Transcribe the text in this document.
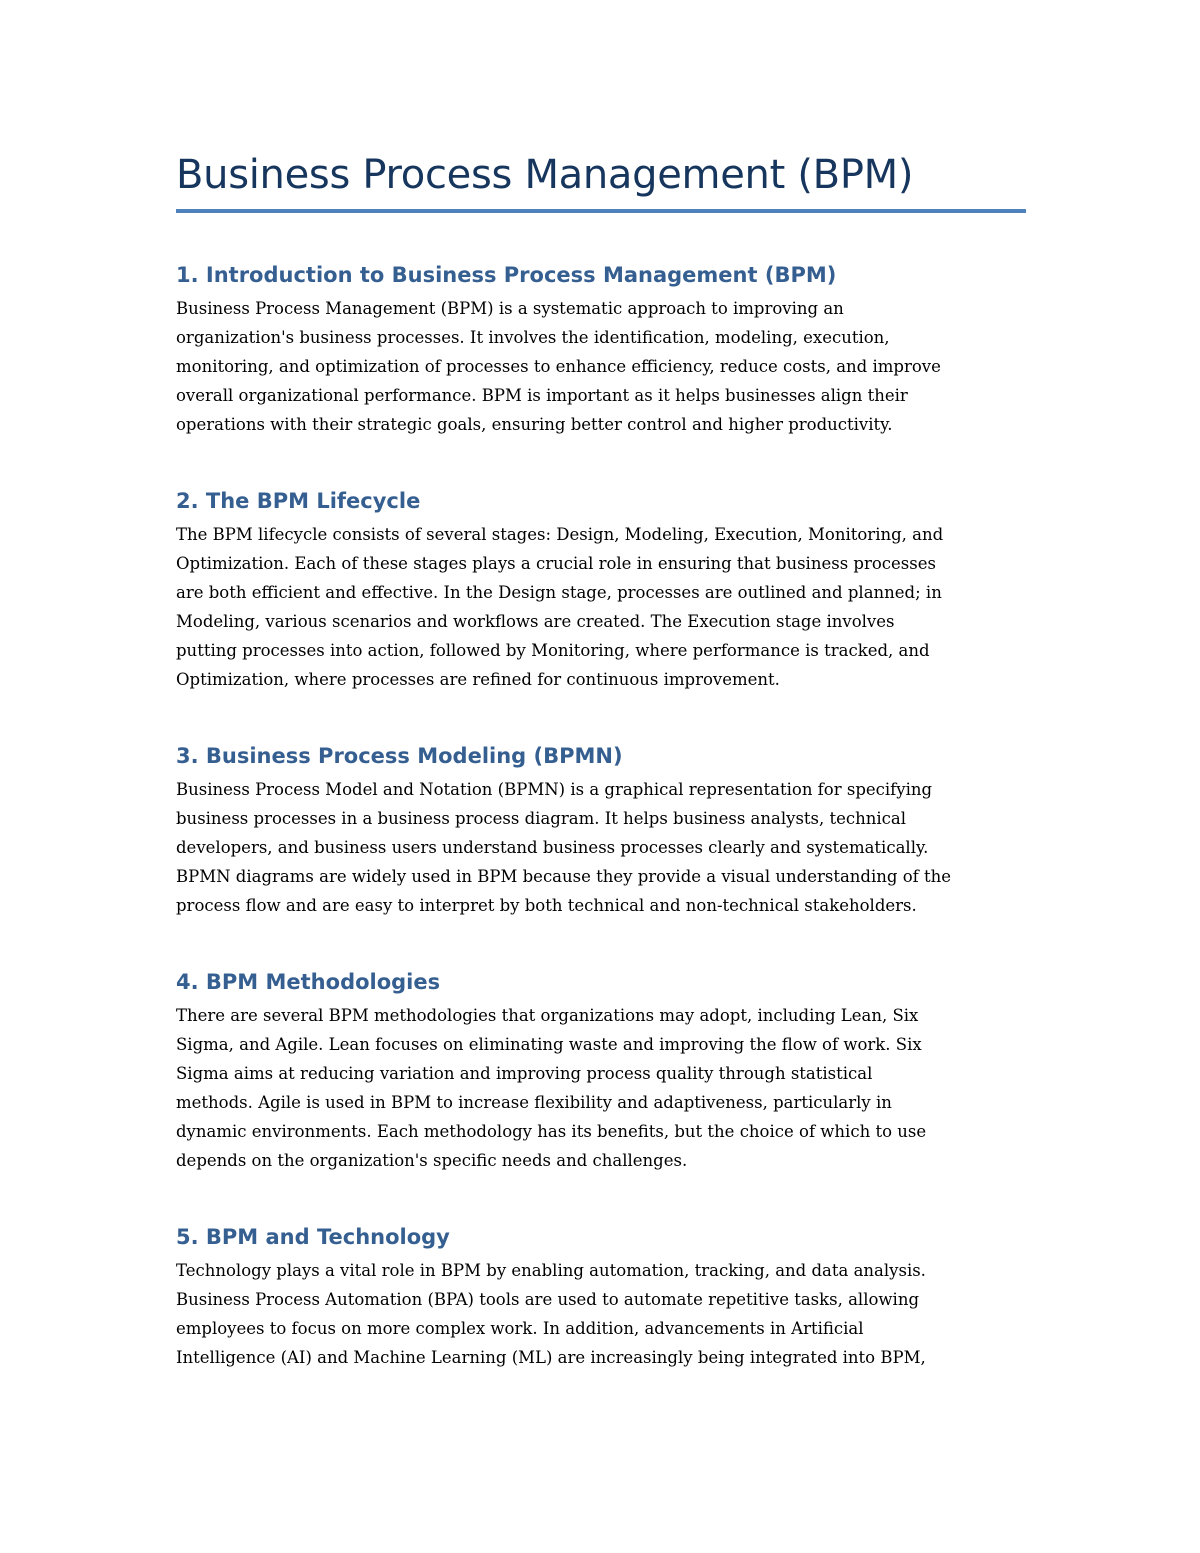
Business Process Management (BPM)
1. Introduction to Business Process Management (BPM)

Business Process Management (BPM) is a systematic approach to improving an
organization's business processes. It involves the identification, modeling, execution,
monitoring, and optimization of processes to enhance efficiency, reduce costs, and improve
overall organizational performance. BPM is important as it helps businesses align their
operations with their strategic goals, ensuring better control and higher productivity.

2. The BPM Lifecycle

The BPM lifecycle consists of several stages: Design, Modeling, Execution, Monitoring, and
Optimization. Each of these stages plays a crucial role in ensuring that business processes
are both efficient and effective. In the Design stage, processes are outlined and planned; in
Modeling, various scenarios and workflows are created. The Execution stage involves
putting processes into action, followed by Monitoring, where performance is tracked, and
Optimization, where processes are refined for continuous improvement.

3. Business Process Modeling (BPMN)

Business Process Model and Notation (BPMN) is a graphical representation for specifying
business processes in a business process diagram. It helps business analysts, technical
developers, and business users understand business processes clearly and systematically.
BPMN diagrams are widely used in BPM because they provide a visual understanding of the
process flow and are easy to interpret by both technical and non-technical stakeholders.

4. BPM Methodologies

There are several BPM methodologies that organizations may adopt, including Lean, Six
Sigma, and Agile. Lean focuses on eliminating waste and improving the flow of work. Six
Sigma aims at reducing variation and improving process quality through statistical
methods. Agile is used in BPM to increase flexibility and adaptiveness, particularly in
dynamic environments. Each methodology has its benefits, but the choice of which to use
depends on the organization's specific needs and challenges.

5. BPM and Technology

Technology plays a vital role in BPM by enabling automation, tracking, and data analysis.
Business Process Automation (BPA) tools are used to automate repetitive tasks, allowing
employees to focus on more complex work. In addition, advancements in Artificial
Intelligence (AI) and Machine Learning (ML) are increasingly being integrated into BPM,
